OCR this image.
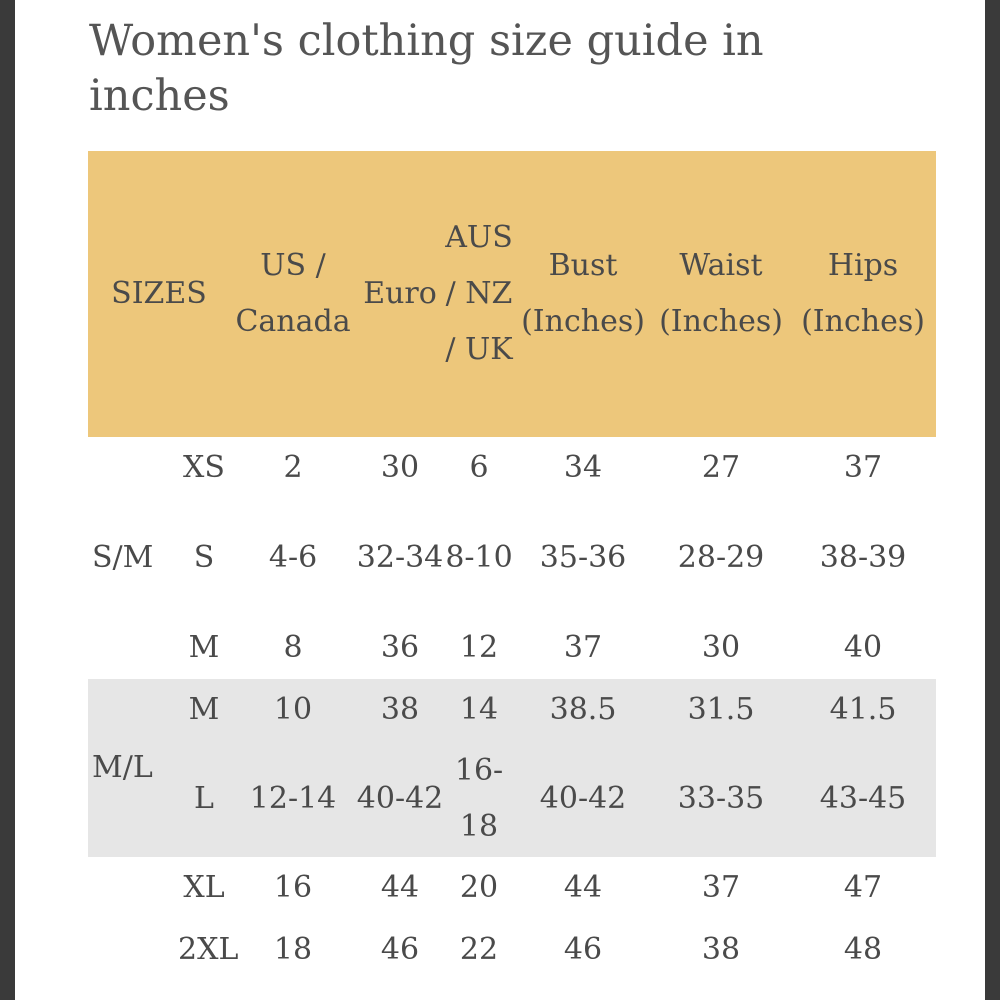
Women's clothing size guide in inches
SIZES		US / Canada	Euro	AUS / NZ / UK	Bust (Inches)	Waist (Inches)	Hips (Inches)
	XS	2	30	6	34	27	37
S/M	S	4-6	32-34	8-10	35-36	28-29	38-39
	M	8	36	12	37	30	40
M/L	M	10	38	14	38.5	31.5	41.5
	L	12-14	40-42	16-18	40-42	33-35	43-45
	XL	16	44	20	44	37	47
	2XL	18	46	22	46	38	48
